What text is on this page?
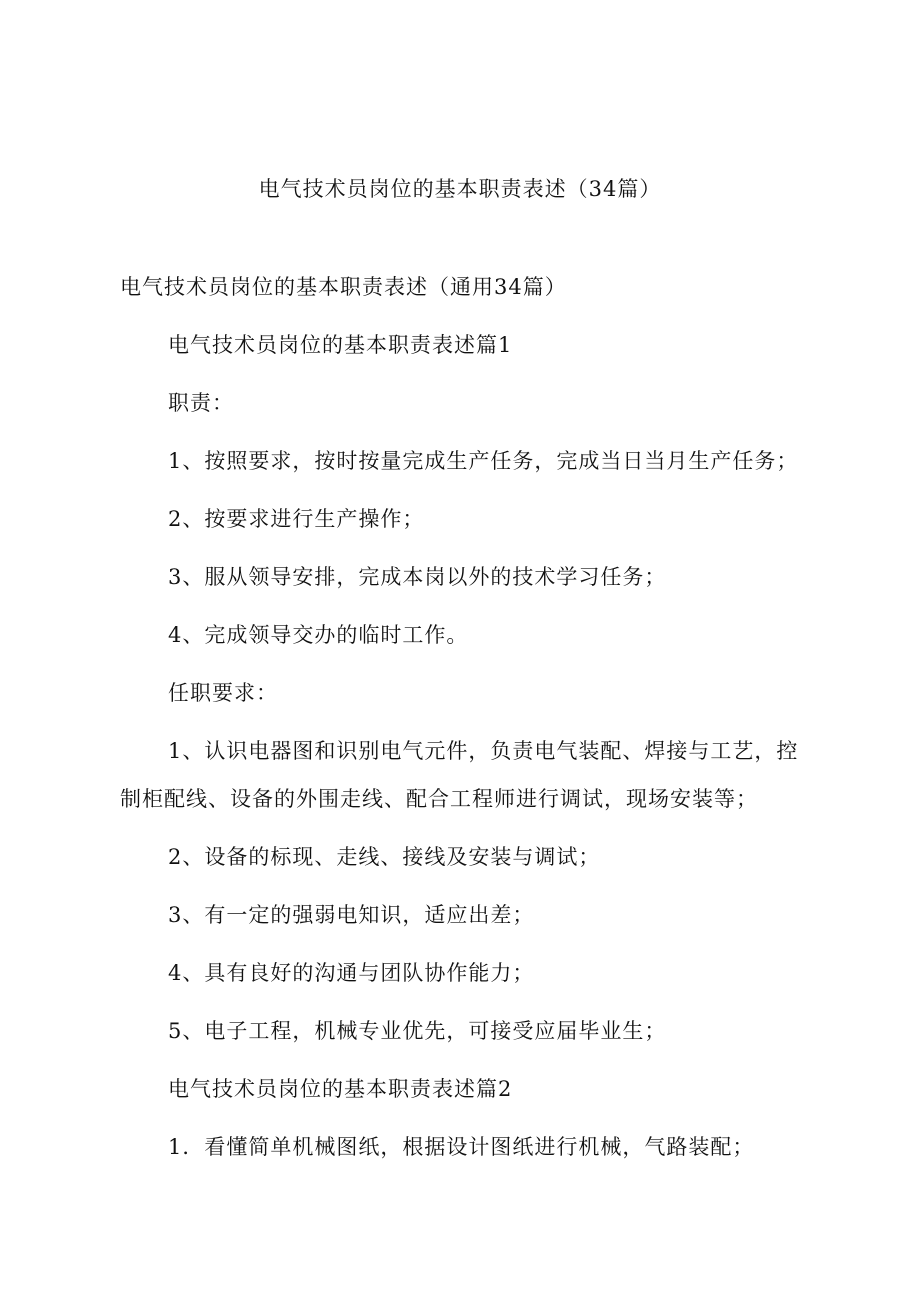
电气技术员岗位的基本职责表述（34篇）

电气技术员岗位的基本职责表述（通用34篇）

电气技术员岗位的基本职责表述篇1

职责：

1、按照要求，按时按量完成生产任务，完成当日当月生产任务；

2、按要求进行生产操作；

3、服从领导安排，完成本岗以外的技术学习任务；

4、完成领导交办的临时工作。

任职要求：

1、认识电器图和识别电气元件，负责电气装配、焊接与工艺，控制柜配线、设备的外围走线、配合工程师进行调试，现场安装等；

2、设备的标现、走线、接线及安装与调试；

3、有一定的强弱电知识，适应出差；

4、具有良好的沟通与团队协作能力；

5、电子工程，机械专业优先，可接受应届毕业生；

电气技术员岗位的基本职责表述篇2

1．看懂简单机械图纸，根据设计图纸进行机械，气路装配；
